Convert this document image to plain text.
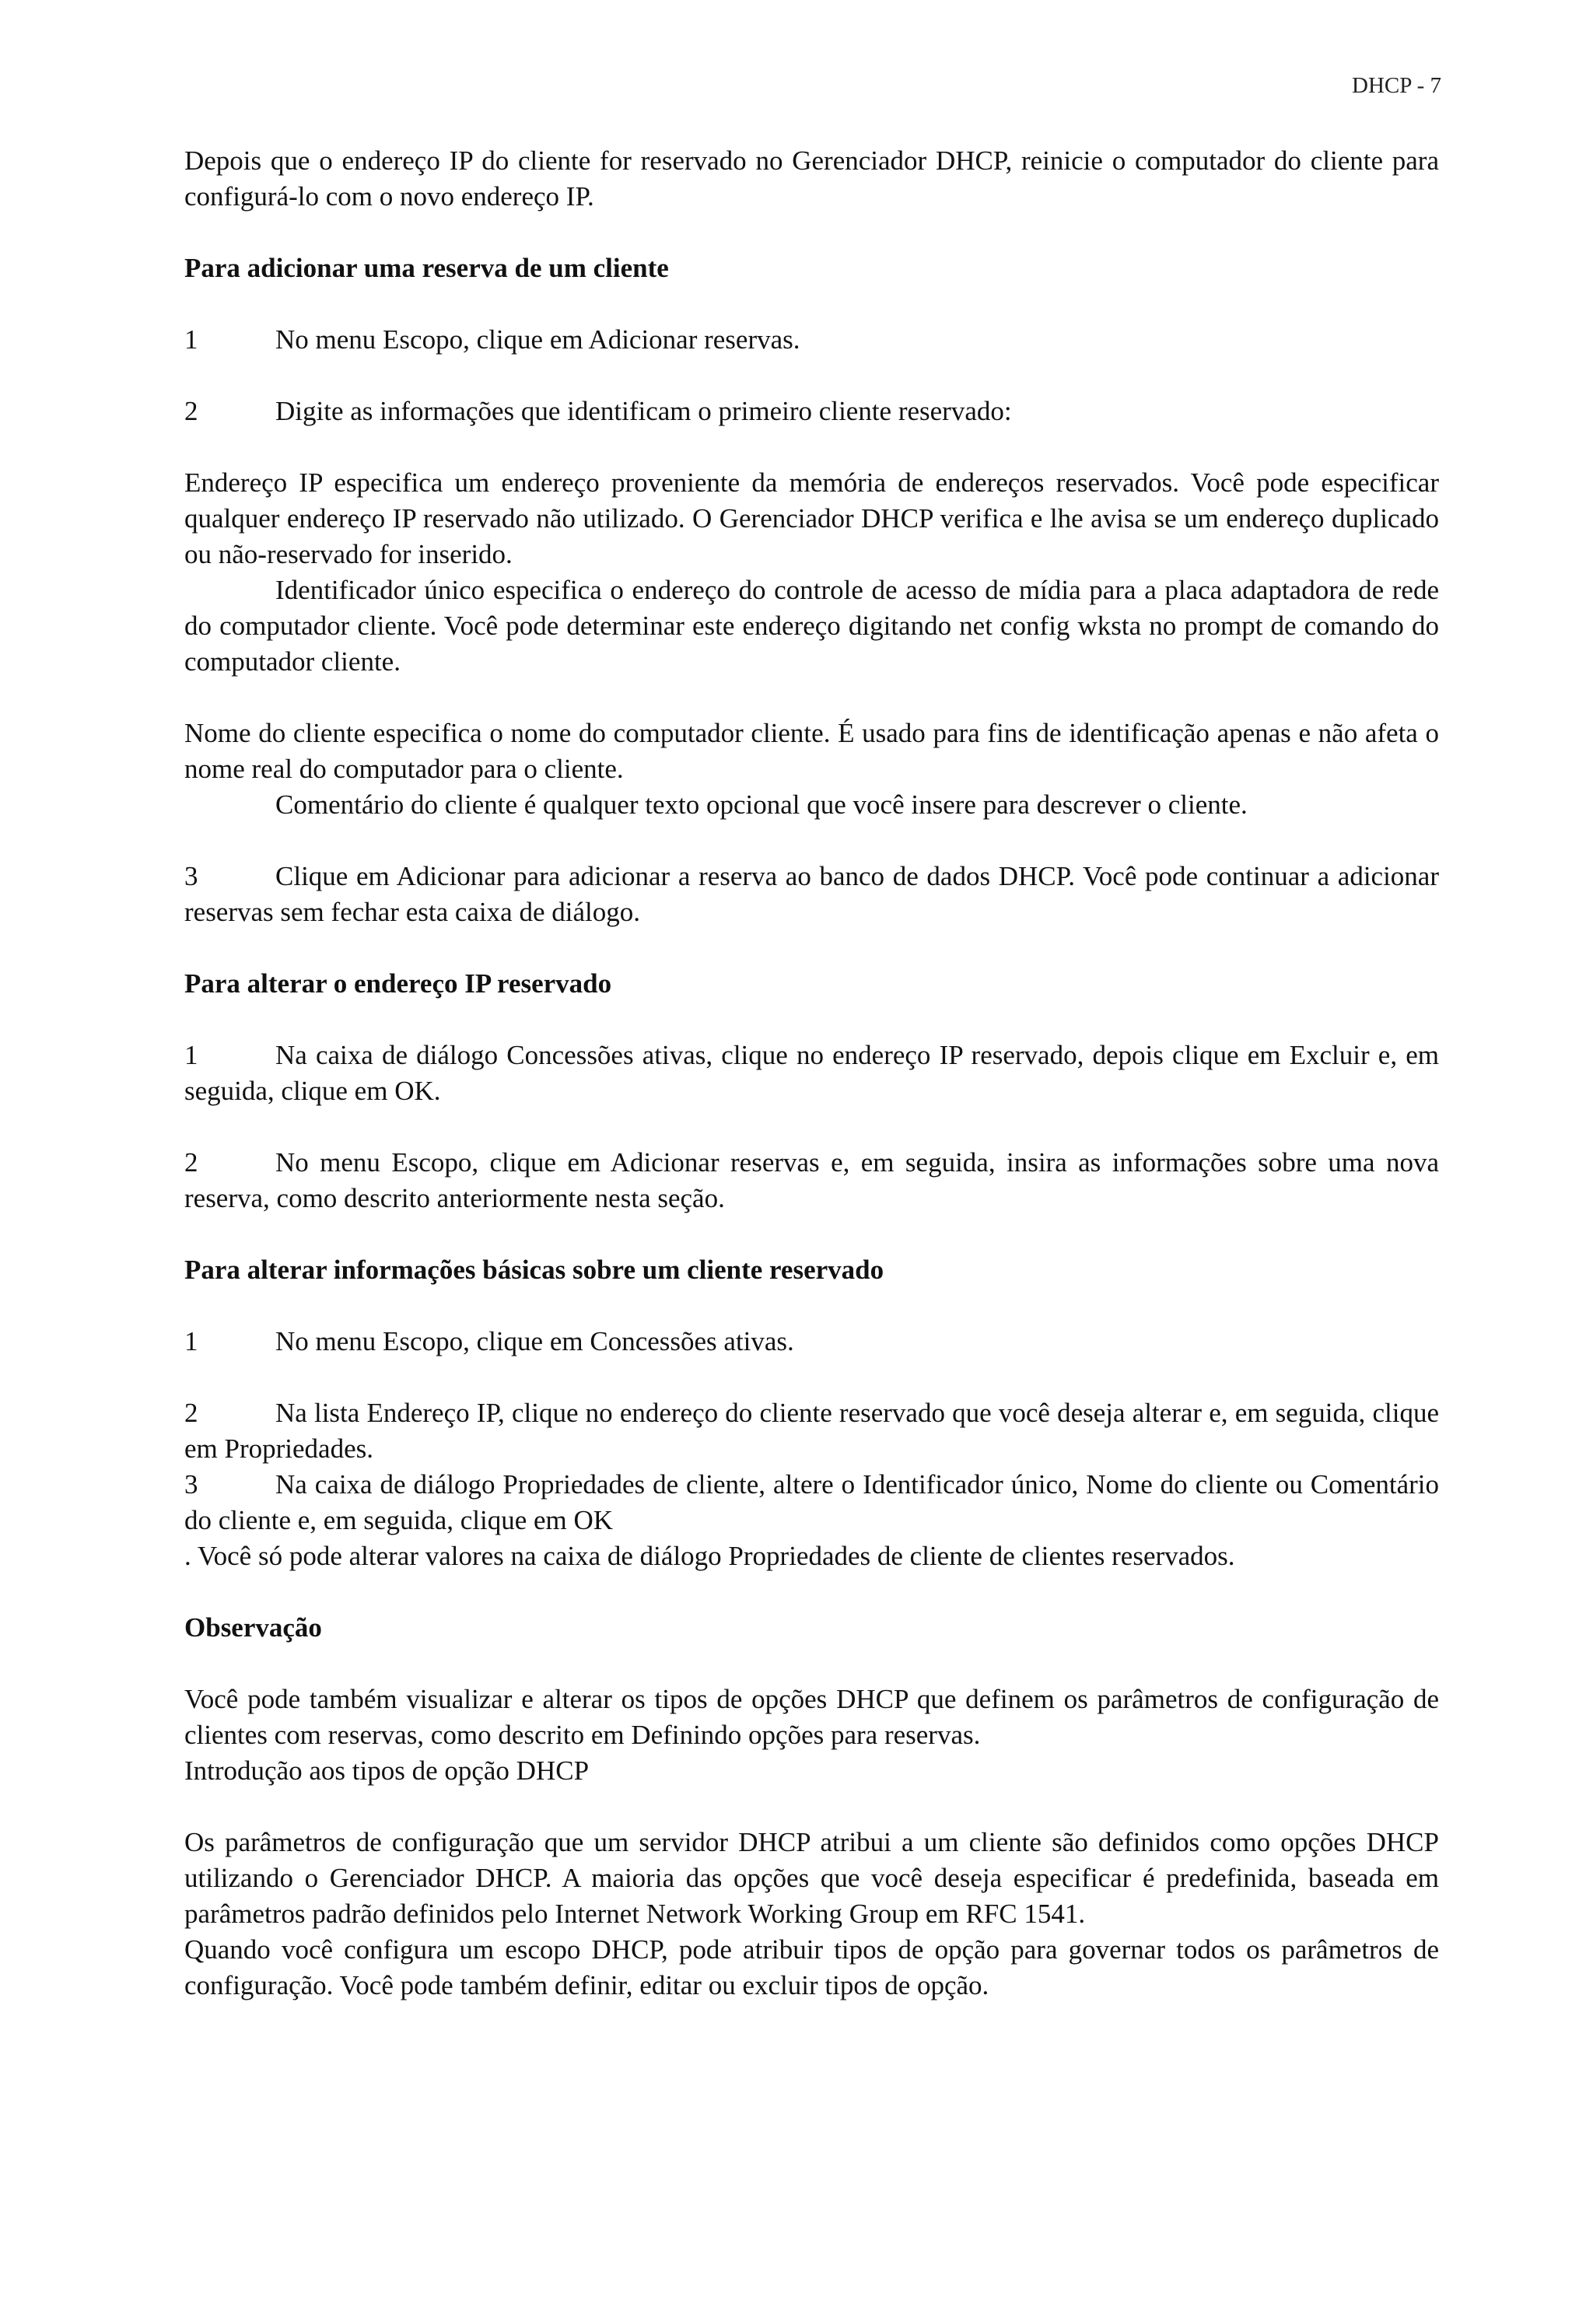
DHCP - 7

Depois que o endereço IP do cliente for reservado no Gerenciador DHCP, reinicie o computador do cliente para configurá-lo com o novo endereço IP.

Para adicionar uma reserva de um cliente

1	No menu Escopo, clique em Adicionar reservas.
2	Digite as informações que identificam o primeiro cliente reservado:

Endereço IP especifica um endereço proveniente da memória de endereços reservados. Você pode especificar qualquer endereço IP reservado não utilizado. O Gerenciador DHCP verifica e lhe avisa se um endereço duplicado ou não-reservado for inserido.

Identificador único especifica o endereço do controle de acesso de mídia para a placa adaptadora de rede do computador cliente. Você pode determinar este endereço digitando net config wksta no prompt de comando do computador cliente.

Nome do cliente especifica o nome do computador cliente. É usado para fins de identificação apenas e não afeta o nome real do computador para o cliente.

Comentário do cliente é qualquer texto opcional que você insere para descrever o cliente.

3	Clique em Adicionar para adicionar a reserva ao banco de dados DHCP. Você pode continuar a adicionar reservas sem fechar esta caixa de diálogo.

Para alterar o endereço IP reservado

1	Na caixa de diálogo Concessões ativas, clique no endereço IP reservado, depois clique em Excluir e, em seguida, clique em OK.

2	No menu Escopo, clique em Adicionar reservas e, em seguida, insira as informações sobre uma nova reserva, como descrito anteriormente nesta seção.

Para alterar informações básicas sobre um cliente reservado

1	No menu Escopo, clique em Concessões ativas.

2	Na lista Endereço IP, clique no endereço do cliente reservado que você deseja alterar e, em seguida, clique em Propriedades.

3	Na caixa de diálogo Propriedades de cliente, altere o Identificador único, Nome do cliente ou Comentário do cliente e, em seguida, clique em OK

. Você só pode alterar valores na caixa de diálogo Propriedades de cliente de clientes reservados.

Observação

Você pode também visualizar e alterar os tipos de opções DHCP que definem os parâmetros de configuração de clientes com reservas, como descrito em Definindo opções para reservas.

Introdução aos tipos de opção DHCP

Os parâmetros de configuração que um servidor DHCP atribui a um cliente são definidos como opções DHCP utilizando o Gerenciador DHCP. A maioria das opções que você deseja especificar é predefinida, baseada em parâmetros padrão definidos pelo Internet Network Working Group em RFC 1541.

Quando você configura um escopo DHCP, pode atribuir tipos de opção para governar todos os parâmetros de configuração. Você pode também definir, editar ou excluir tipos de opção.
